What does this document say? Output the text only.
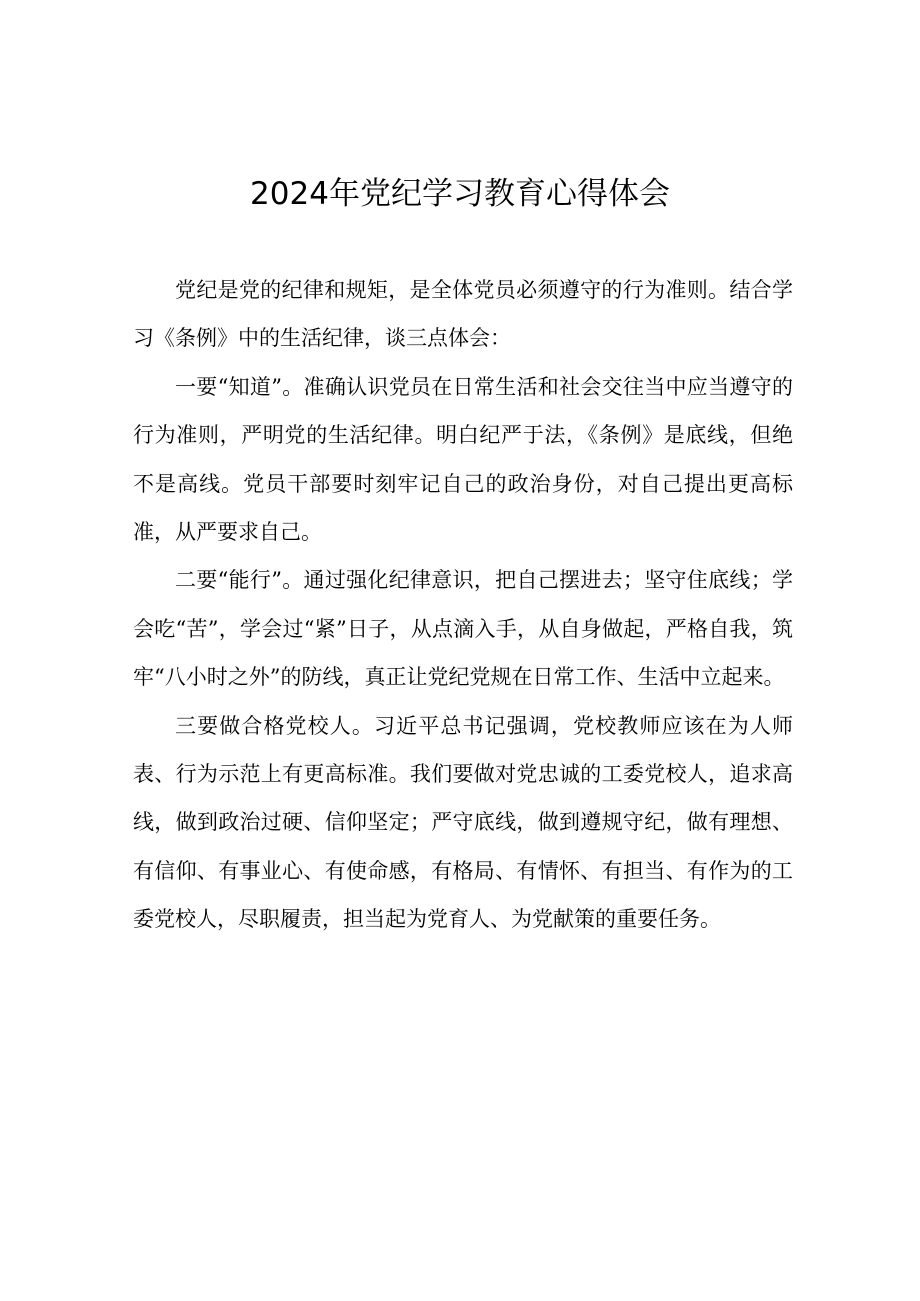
2024年党纪学习教育心得体会

党纪是党的纪律和规矩，是全体党员必须遵守的行为准则。结合学习《条例》中的生活纪律，谈三点体会：

一要“知道”。准确认识党员在日常生活和社会交往当中应当遵守的行为准则，严明党的生活纪律。明白纪严于法，《条例》是底线，但绝不是高线。党员干部要时刻牢记自己的政治身份，对自己提出更高标准，从严要求自己。

二要“能行”。通过强化纪律意识，把自己摆进去；坚守住底线；学会吃“苦”，学会过“紧”日子，从点滴入手，从自身做起，严格自我，筑牢“八小时之外”的防线，真正让党纪党规在日常工作、生活中立起来。

三要做合格党校人。习近平总书记强调，党校教师应该在为人师表、行为示范上有更高标准。我们要做对党忠诚的工委党校人，追求高线，做到政治过硬、信仰坚定；严守底线，做到遵规守纪，做有理想、有信仰、有事业心、有使命感，有格局、有情怀、有担当、有作为的工委党校人，尽职履责，担当起为党育人、为党献策的重要任务。
